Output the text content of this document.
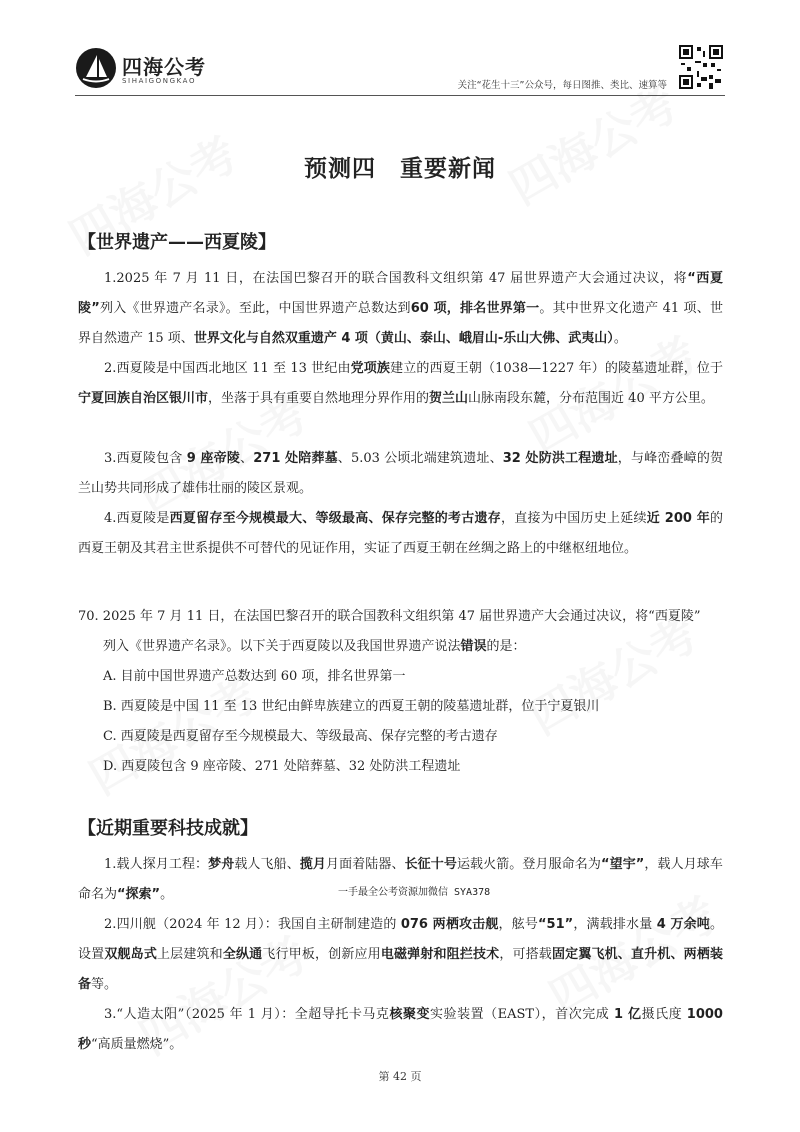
四海公考
SIHAIGONGKAO	关注“花生十三”公众号，每日图推、类比、速算等
预测四　重要新闻
【世界遗产——西夏陵】
1.2025 年 7 月 11 日，在法国巴黎召开的联合国教科文组织第 47 届世界遗产大会通过决议，将“西夏陵”列入《世界遗产名录》。至此，中国世界遗产总数达到60 项，排名世界第一。其中世界文化遗产 41 项、世界自然遗产 15 项、世界文化与自然双重遗产 4 项（黄山、泰山、峨眉山-乐山大佛、武夷山）。
2.西夏陵是中国西北地区 11 至 13 世纪由党项族建立的西夏王朝（1038—1227 年）的陵墓遗址群，位于宁夏回族自治区银川市，坐落于具有重要自然地理分界作用的贺兰山山脉南段东麓，分布范围近 40 平方公里。
3.西夏陵包含 9 座帝陵、271 处陪葬墓、5.03 公顷北端建筑遗址、32 处防洪工程遗址，与峰峦叠嶂的贺兰山势共同形成了雄伟壮丽的陵区景观。
4.西夏陵是西夏留存至今规模最大、等级最高、保存完整的考古遗存，直接为中国历史上延续近 200 年的西夏王朝及其君主世系提供不可替代的见证作用，实证了西夏王朝在丝绸之路上的中继枢纽地位。
70. 2025 年 7 月 11 日，在法国巴黎召开的联合国教科文组织第 47 届世界遗产大会通过决议，将“西夏陵”
列入《世界遗产名录》。以下关于西夏陵以及我国世界遗产说法错误的是：
A. 目前中国世界遗产总数达到 60 项，排名世界第一
B. 西夏陵是中国 11 至 13 世纪由鲜卑族建立的西夏王朝的陵墓遗址群，位于宁夏银川
C. 西夏陵是西夏留存至今规模最大、等级最高、保存完整的考古遗存
D. 西夏陵包含 9 座帝陵、271 处陪葬墓、32 处防洪工程遗址
【近期重要科技成就】
1.载人探月工程：梦舟载人飞船、揽月月面着陆器、长征十号运载火箭。登月服命名为“望宇”，载人月球车命名为“探索”。
2.四川舰（2024 年 12 月）：我国自主研制建造的 076 两栖攻击舰，舷号“51”，满载排水量 4 万余吨。设置双舰岛式上层建筑和全纵通飞行甲板，创新应用电磁弹射和阻拦技术，可搭载固定翼飞机、直升机、两栖装备等。
3.“人造太阳”（2025 年 1 月）：全超导托卡马克核聚变实验装置（EAST），首次完成 1 亿摄氏度 1000 秒“高质量燃烧”。
一手最全公考资源加微信 SYA378
第 42 页
